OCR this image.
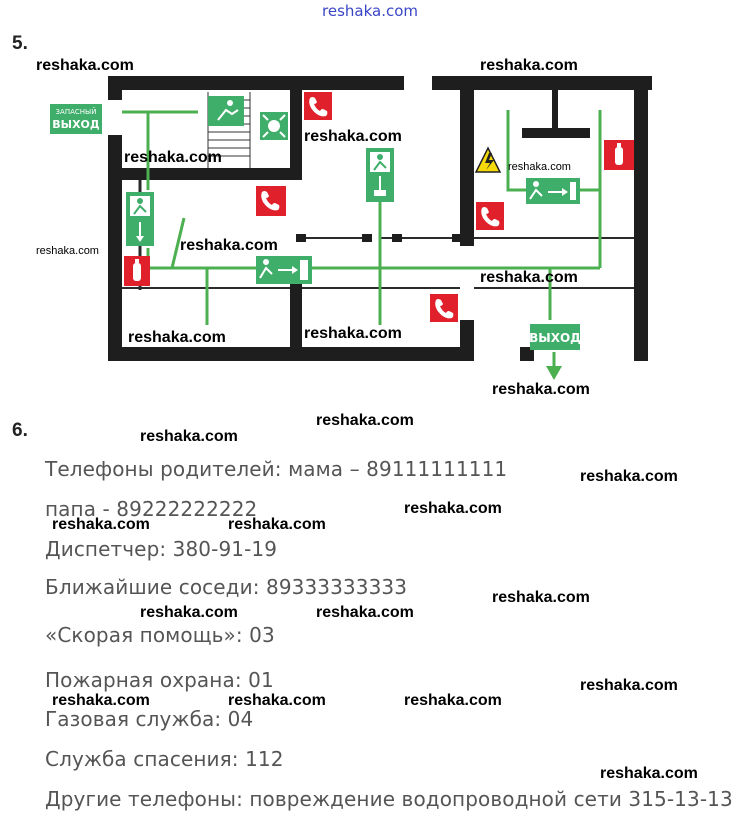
reshaka.com
5.
ЗАПАСНЫЙ
ВЫХОД
ВЫХОД
reshaka.com	reshaka.com
reshaka.com
reshaka.com
reshaka.com
reshaka.com
reshaka.com
reshaka.com
reshaka.com
reshaka.com
reshaka.com
6.
Телефоны родителей: мама – 89111111111
папа - 89222222222
Диспетчер: 380-91-19
Ближайшие соседи: 89333333333
«Скорая помощь»: 03
Пожарная охрана: 01
Газовая служба: 04
Служба спасения: 112
Другие телефоны: повреждение водопроводной сети 315-13-13
reshaka.com
reshaka.com
reshaka.com
reshaka.com
reshaka.com	reshaka.com
reshaka.com
reshaka.com	reshaka.com
reshaka.com
reshaka.com	reshaka.com	reshaka.com
reshaka.com
